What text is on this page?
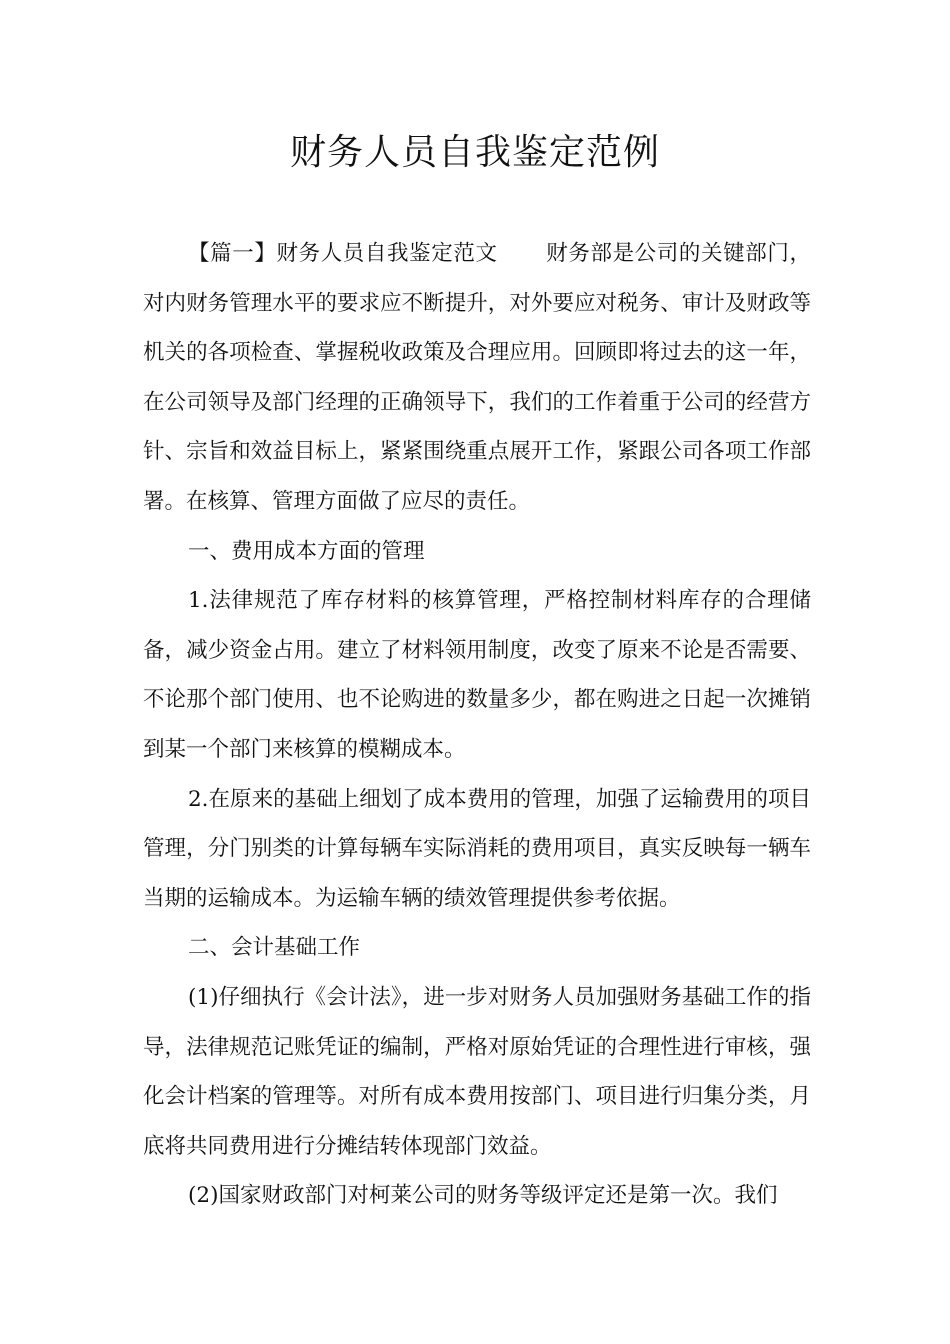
财务人员自我鉴定范例

【篇一】财务人员自我鉴定范文 财务部是公司的关键部门，对内财务管理水平的要求应不断提升，对外要应对税务、审计及财政等机关的各项检查、掌握税收政策及合理应用。回顾即将过去的这一年，在公司领导及部门经理的正确领导下，我们的工作着重于公司的经营方针、宗旨和效益目标上，紧紧围绕重点展开工作，紧跟公司各项工作部署。在核算、管理方面做了应尽的责任。

一、费用成本方面的管理

1.法律规范了库存材料的核算管理，严格控制材料库存的合理储备，减少资金占用。建立了材料领用制度，改变了原来不论是否需要、不论那个部门使用、也不论购进的数量多少，都在购进之日起一次摊销到某一个部门来核算的模糊成本。

2.在原来的基础上细划了成本费用的管理，加强了运输费用的项目管理，分门别类的计算每辆车实际消耗的费用项目，真实反映每一辆车当期的运输成本。为运输车辆的绩效管理提供参考依据。

二、会计基础工作

(1)仔细执行《会计法》，进一步对财务人员加强财务基础工作的指导，法律规范记账凭证的编制，严格对原始凭证的合理性进行审核，强化会计档案的管理等。对所有成本费用按部门、项目进行归集分类，月底将共同费用进行分摊结转体现部门效益。

(2)国家财政部门对柯莱公司的财务等级评定还是第一次。我们
